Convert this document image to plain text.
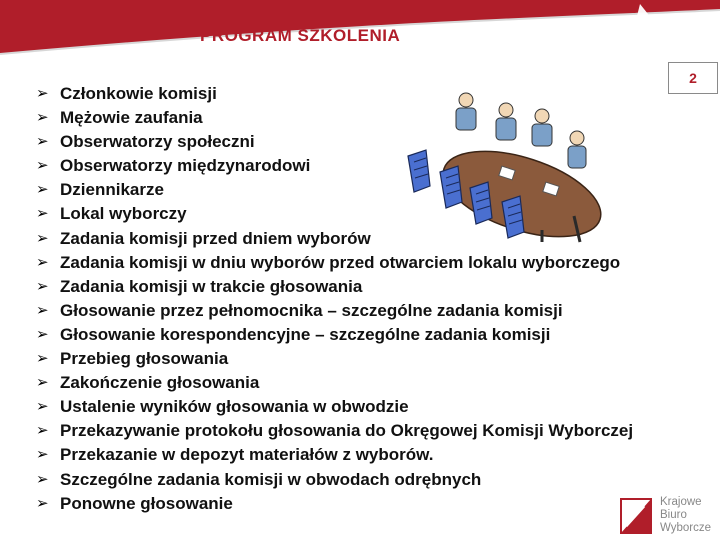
PROGRAM SZKOLENIA
2
➢ Członkowie komisji
➢ Mężowie zaufania
➢ Obserwatorzy społeczni
➢ Obserwatorzy międzynarodowi
➢ Dziennikarze
➢ Lokal wyborczy
➢ Zadania komisji przed dniem wyborów
➢ Zadania komisji w dniu wyborów przed otwarciem lokalu wyborczego
➢ Zadania komisji w trakcie głosowania
➢ Głosowanie przez pełnomocnika – szczególne zadania komisji
➢ Głosowanie korespondencyjne – szczególne zadania komisji
➢ Przebieg głosowania
➢ Zakończenie głosowania
➢ Ustalenie wyników głosowania w obwodzie
➢ Przekazywanie protokołu głosowania do Okręgowej Komisji Wyborczej
➢ Przekazanie w depozyt materiałów z wyborów.
➢ Szczególne zadania komisji w obwodach odrębnych
➢ Ponowne głosowanie	Krajowe
Biuro
Wyborcze
